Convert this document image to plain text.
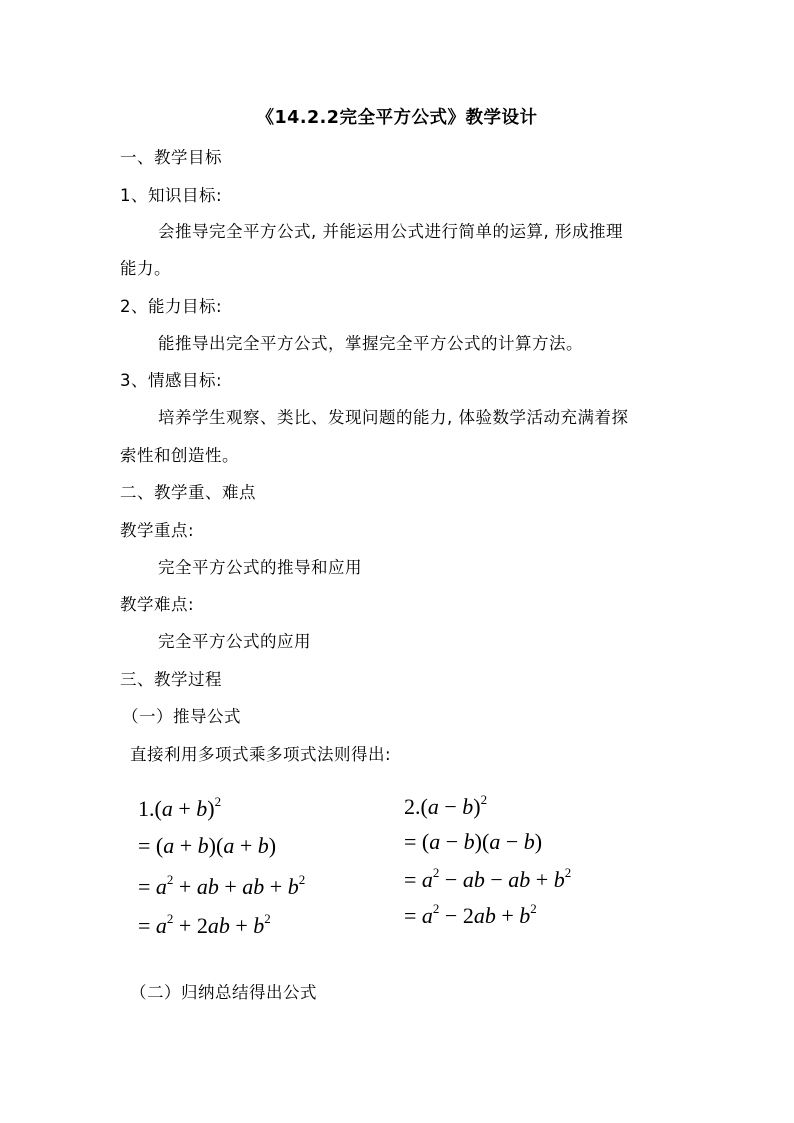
《14.2.2完全平方公式》教学设计
一、教学目标
1、知识目标:
会推导完全平方公式, 并能运用公式进行简单的运算, 形成推理
能力。
2、能力目标:
能推导出完全平方公式，掌握完全平方公式的计算方法。
3、情感目标:
培养学生观察、类比、发现问题的能力, 体验数学活动充满着探
索性和创造性。
二、教学重、难点
教学重点:
完全平方公式的推导和应用
教学难点:
完全平方公式的应用
三、教学过程
（一）推导公式
直接利用多项式乘多项式法则得出:
$1.(a + b)^2$
= (a + b)(a + b)
= $a^2$ + ab + ab + $b^2$
= $a^2 + 2ab + b^2$
$2.(a - b)^2$
= (a − b)(a − b)
= $a^2$ − ab − ab + $b^2$
= $a^2 - 2ab + b^2$
（二）归纳总结得出公式
